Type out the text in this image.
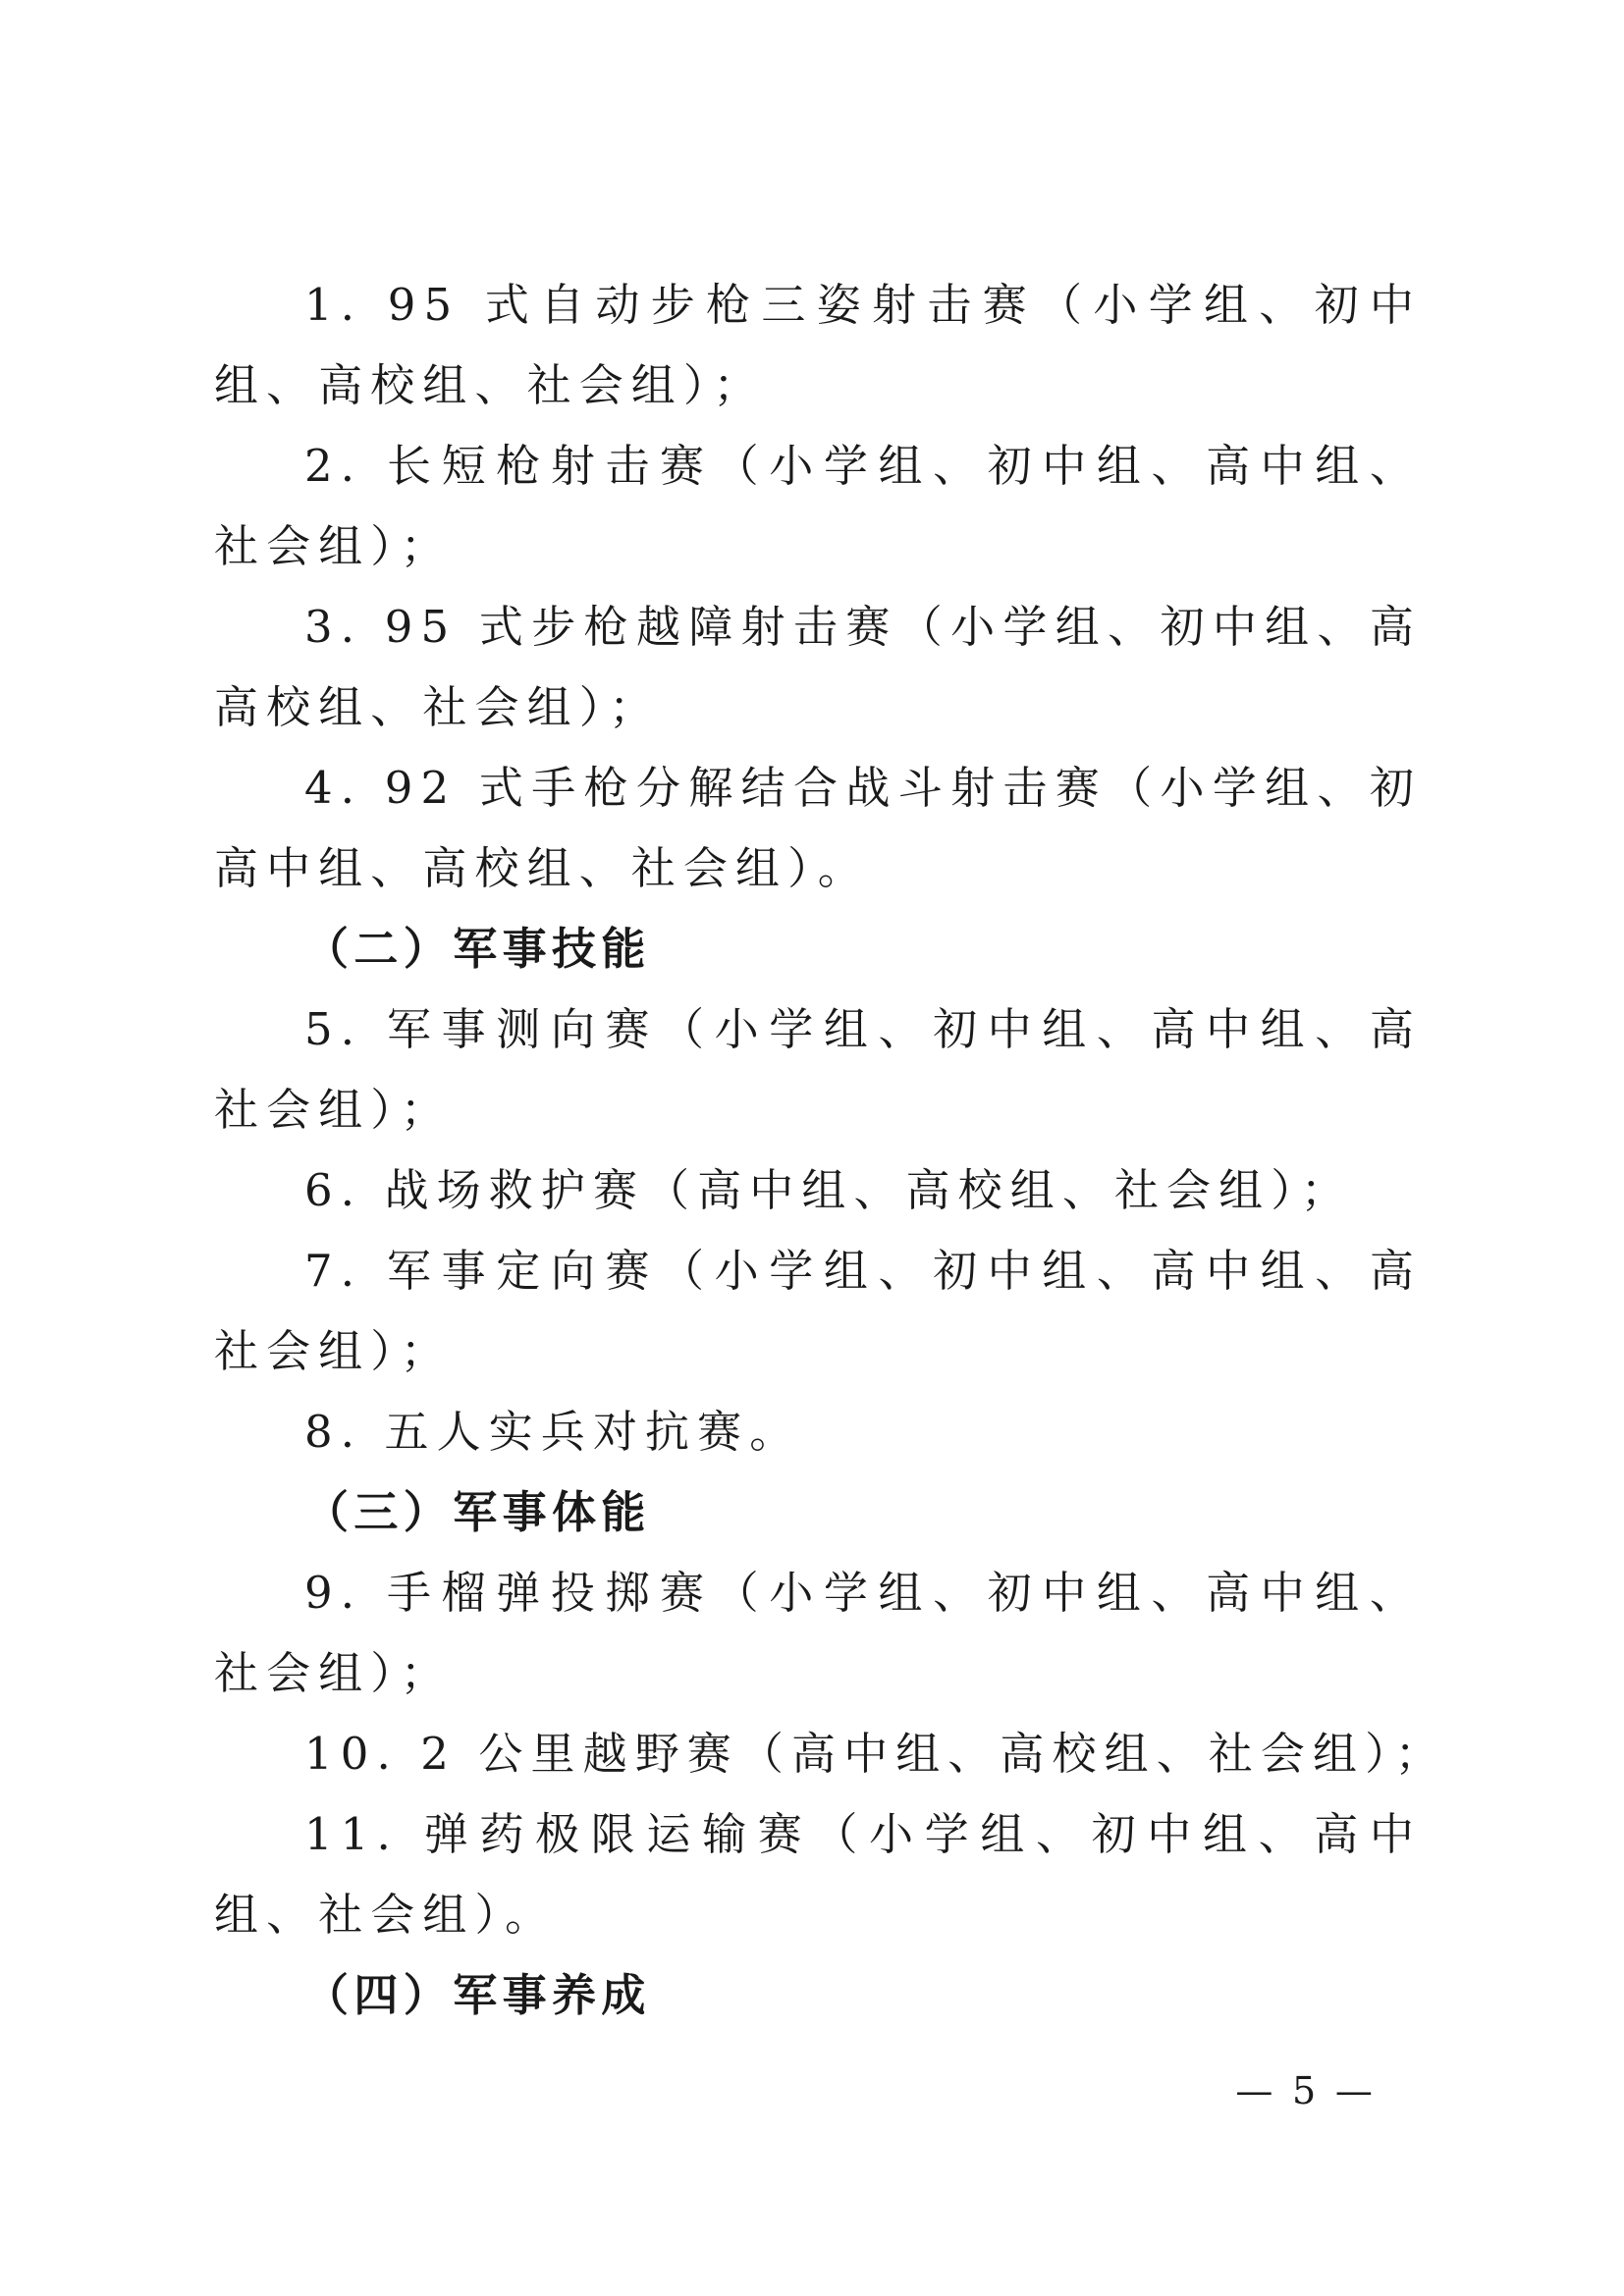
1. 95 式自动步枪三姿射击赛（小学组、初中
组、高校组、社会组）；
2. 长短枪射击赛（小学组、初中组、高中组、
社会组）；
3. 95 式步枪越障射击赛（小学组、初中组、高
高校组、社会组）；
4. 92 式手枪分解结合战斗射击赛（小学组、初
高中组、高校组、社会组）。
（二）军事技能
5. 军事测向赛（小学组、初中组、高中组、高
社会组）；
6. 战场救护赛（高中组、高校组、社会组）；
7. 军事定向赛（小学组、初中组、高中组、高
社会组）；
8. 五人实兵对抗赛。
（三）军事体能
9. 手榴弹投掷赛（小学组、初中组、高中组、
社会组）；
10. 2 公里越野赛（高中组、高校组、社会组）；
11. 弹药极限运输赛（小学组、初中组、高中
组、社会组）。
（四）军事养成
— 5 —
